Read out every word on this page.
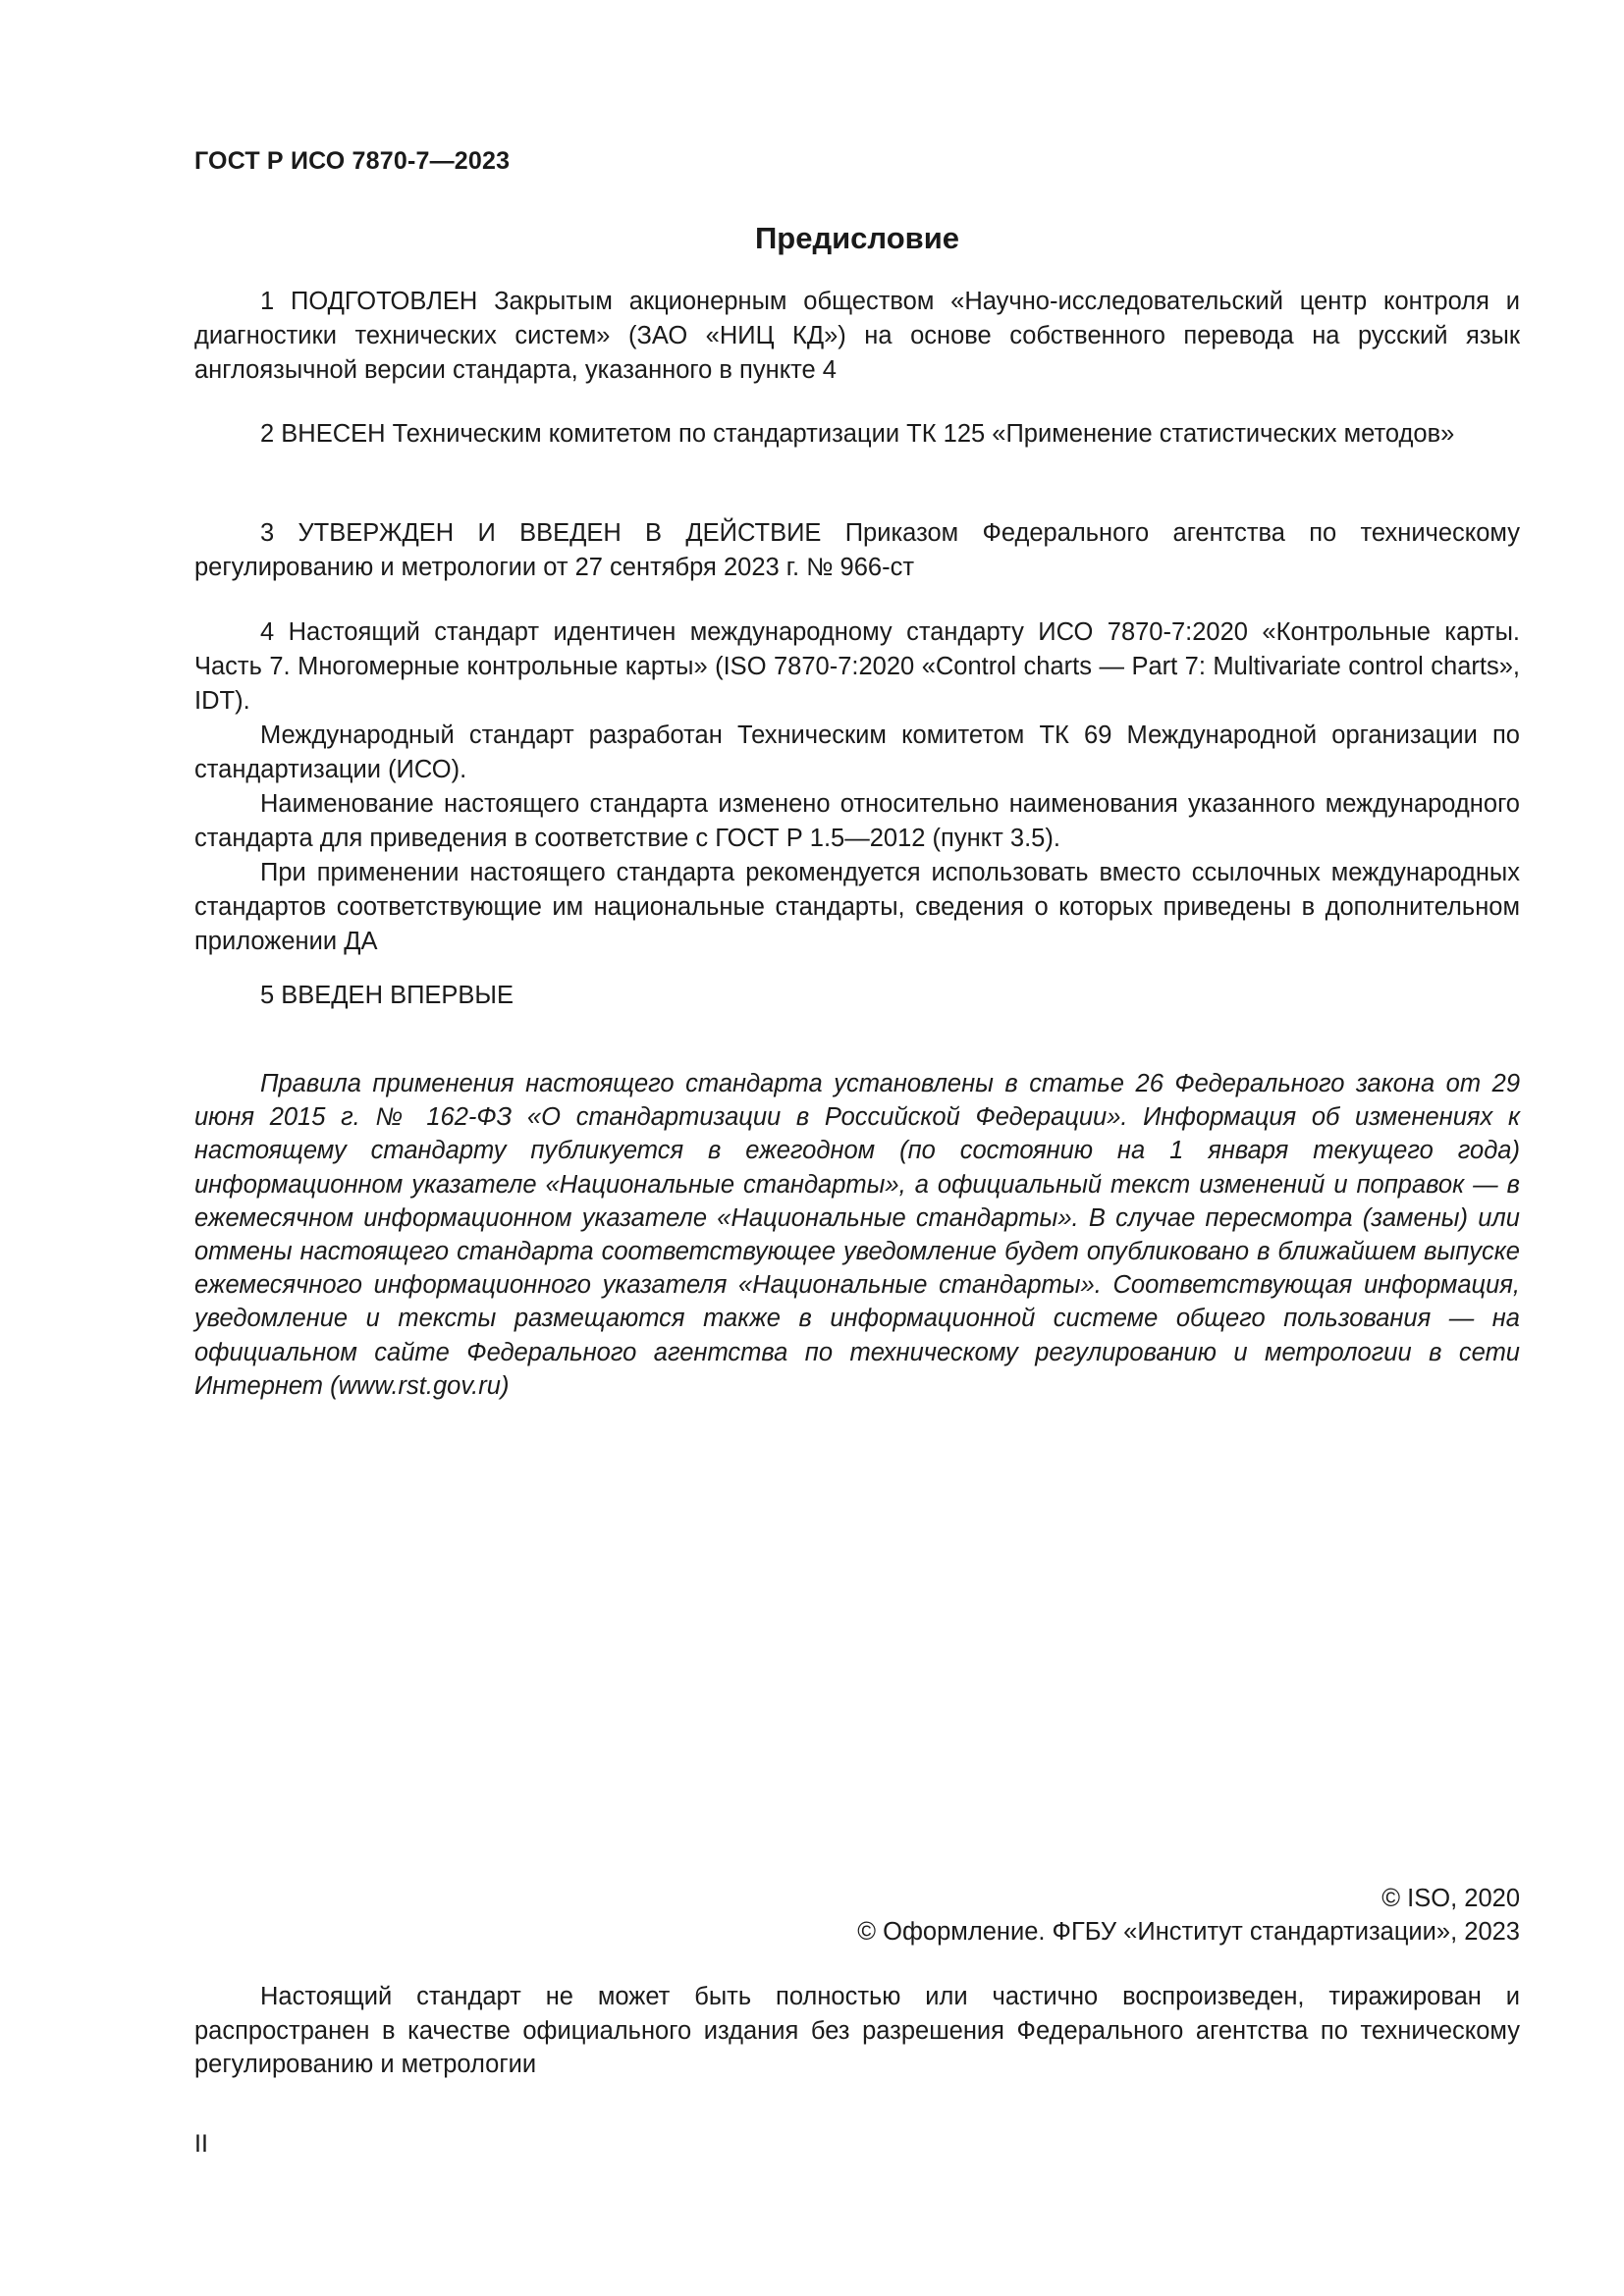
ГОСТ Р ИСО 7870-7—2023
Предисловие

1 ПОДГОТОВЛЕН Закрытым акционерным обществом «Научно-исследовательский центр контроля и диагностики технических систем» (ЗАО «НИЦ КД») на основе собственного перевода на русский язык англоязычной версии стандарта, указанного в пункте 4

2 ВНЕСЕН Техническим комитетом по стандартизации ТК 125 «Применение статистических методов»

3 УТВЕРЖДЕН И ВВЕДЕН В ДЕЙСТВИЕ Приказом Федерального агентства по техническому регулированию и метрологии от 27 сентября 2023 г. № 966-ст

4 Настоящий стандарт идентичен международному стандарту ИСО 7870-7:2020 «Контрольные карты. Часть 7. Многомерные контрольные карты» (ISO 7870-7:2020 «Control charts — Part 7: Multivariate control charts», IDT).

Международный стандарт разработан Техническим комитетом ТК 69 Международной организации по стандартизации (ИСО).

Наименование настоящего стандарта изменено относительно наименования указанного международного стандарта для приведения в соответствие с ГОСТ Р 1.5—2012 (пункт 3.5).

При применении настоящего стандарта рекомендуется использовать вместо ссылочных международных стандартов соответствующие им национальные стандарты, сведения о которых приведены в дополнительном приложении ДА

5 ВВЕДЕН ВПЕРВЫЕ

Правила применения настоящего стандарта установлены в статье 26 Федерального закона от 29 июня 2015 г. № 162-ФЗ «О стандартизации в Российской Федерации». Информация об изменениях к настоящему стандарту публикуется в ежегодном (по состоянию на 1 января текущего года) информационном указателе «Национальные стандарты», а официальный текст изменений и поправок — в ежемесячном информационном указателе «Национальные стандарты». В случае пересмотра (замены) или отмены настоящего стандарта соответствующее уведомление будет опубликовано в ближайшем выпуске ежемесячного информационного указателя «Национальные стандарты». Соответствующая информация, уведомление и тексты размещаются также в информационной системе общего пользования — на официальном сайте Федерального агентства по техническому регулированию и метрологии в сети Интернет (www.rst.gov.ru)
© ISO, 2020
© Оформление. ФГБУ «Институт стандартизации», 2023
Настоящий стандарт не может быть полностью или частично воспроизведен, тиражирован и распространен в качестве официального издания без разрешения Федерального агентства по техническому регулированию и метрологии
II
